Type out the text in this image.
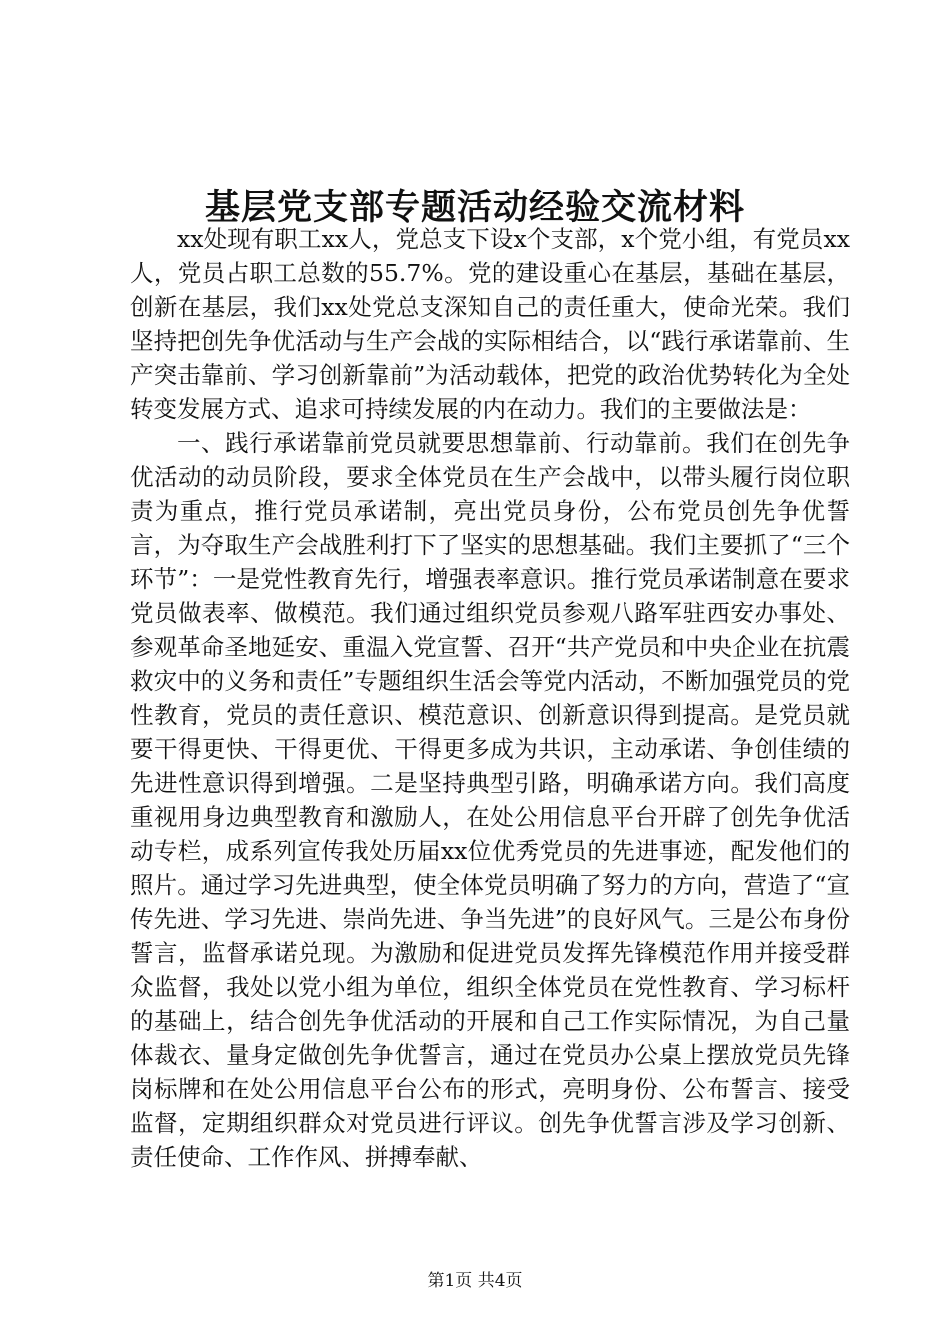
基层党支部专题活动经验交流材料

xx处现有职工xx人，党总支下设x个支部，x个党小组，有党员xx人，党员占职工总数的55.7%。党的建设重心在基层，基础在基层，创新在基层，我们xx处党总支深知自己的责任重大，使命光荣。我们坚持把创先争优活动与生产会战的实际相结合，以“践行承诺靠前、生产突击靠前、学习创新靠前”为活动载体，把党的政治优势转化为全处转变发展方式、追求可持续发展的内在动力。我们的主要做法是：

一、践行承诺靠前党员就要思想靠前、行动靠前。我们在创先争优活动的动员阶段，要求全体党员在生产会战中，以带头履行岗位职责为重点，推行党员承诺制，亮出党员身份，公布党员创先争优誓言，为夺取生产会战胜利打下了坚实的思想基础。我们主要抓了“三个环节”：一是党性教育先行，增强表率意识。推行党员承诺制意在要求党员做表率、做模范。我们通过组织党员参观八路军驻西安办事处、参观革命圣地延安、重温入党宣誓、召开“共产党员和中央企业在抗震救灾中的义务和责任”专题组织生活会等党内活动，不断加强党员的党性教育，党员的责任意识、模范意识、创新意识得到提高。是党员就要干得更快、干得更优、干得更多成为共识，主动承诺、争创佳绩的先进性意识得到增强。二是坚持典型引路，明确承诺方向。我们高度重视用身边典型教育和激励人，在处公用信息平台开辟了创先争优活动专栏，成系列宣传我处历届xx位优秀党员的先进事迹，配发他们的照片。通过学习先进典型，使全体党员明确了努力的方向，营造了“宣传先进、学习先进、崇尚先进、争当先进”的良好风气。三是公布身份誓言，监督承诺兑现。为激励和促进党员发挥先锋模范作用并接受群众监督，我处以党小组为单位，组织全体党员在党性教育、学习标杆的基础上，结合创先争优活动的开展和自己工作实际情况，为自己量体裁衣、量身定做创先争优誓言，通过在党员办公桌上摆放党员先锋岗标牌和在处公用信息平台公布的形式，亮明身份、公布誓言、接受监督，定期组织群众对党员进行评议。创先争优誓言涉及学习创新、责任使命、工作作风、拼搏奉献、

第1页 共4页
